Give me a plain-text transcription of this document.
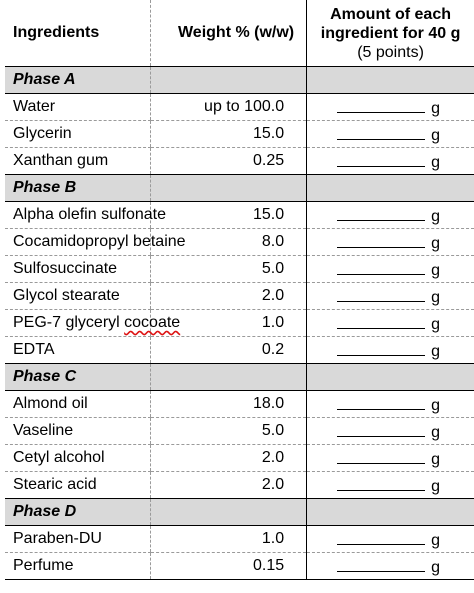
Ingredients	Weight % (w/w)	Amount of each
ingredient for 40 g
(5 points)

Phase A		
Water	up to 100.0	g
Glycerin	15.0	g
Xanthan gum	0.25	g
Phase B		
Alpha olefin sulfonate	15.0	g
Cocamidopropyl betaine	8.0	g
Sulfosuccinate	5.0	g
Glycol stearate	2.0	g
PEG-7 glyceryl cocoate	1.0	g
EDTA	0.2	g
Phase C		
Almond oil	18.0	g
Vaseline	5.0	g
Cetyl alcohol	2.0	g
Stearic acid	2.0	g
Phase D		
Paraben-DU	1.0	g
Perfume	0.15	g
